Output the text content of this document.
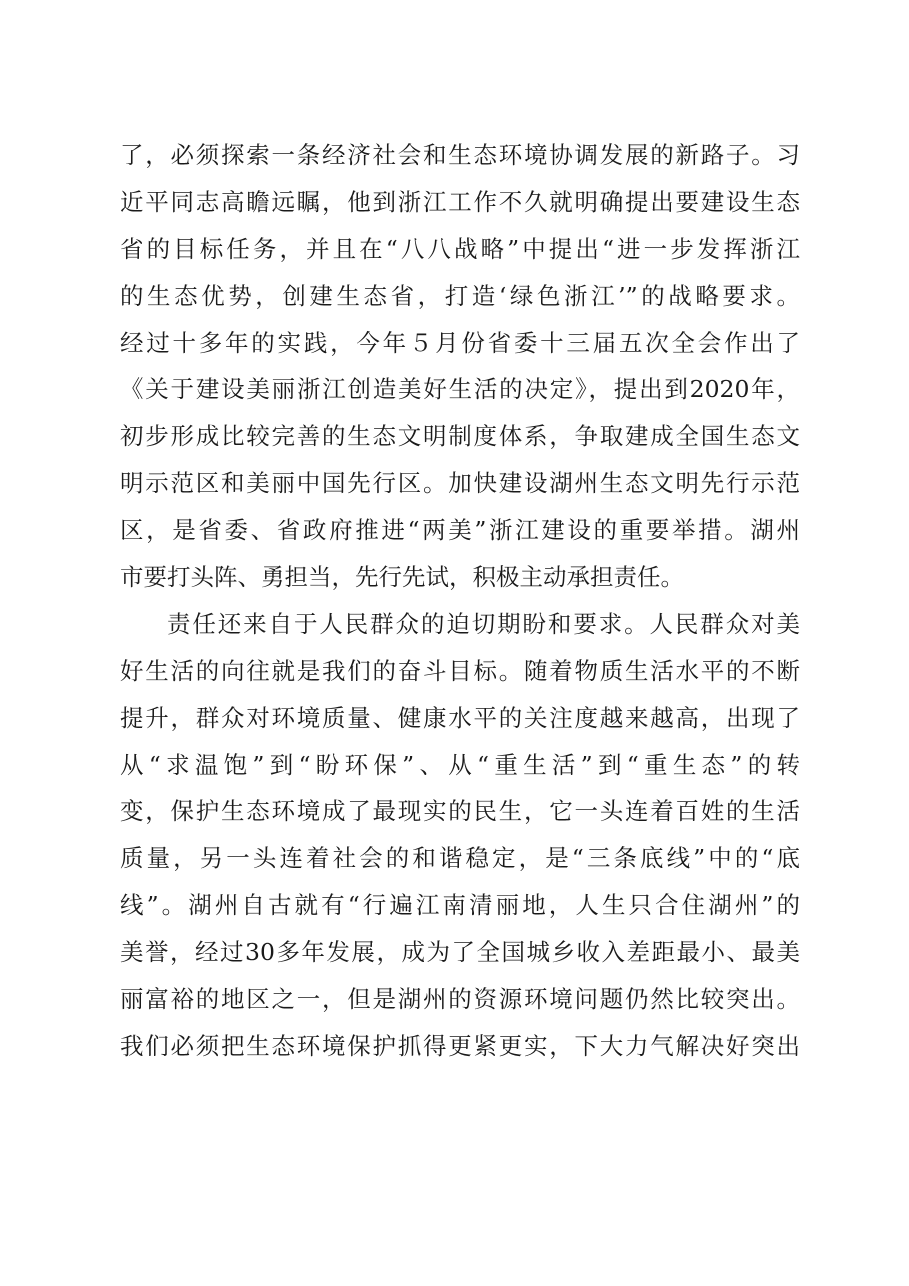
了，必须探索一条经济社会和生态环境协调发展的新路子。习
近平同志高瞻远瞩，他到浙江工作不久就明确提出要建设生态
省的目标任务，并且在“八八战略”中提出“进一步发挥浙江
的生态优势，创建生态省，打造‘绿色浙江’”的战略要求。
经过十多年的实践，今年５月份省委十三届五次全会作出了
《关于建设美丽浙江创造美好生活的决定》，提出到2020年，
初步形成比较完善的生态文明制度体系，争取建成全国生态文
明示范区和美丽中国先行区。加快建设湖州生态文明先行示范
区，是省委、省政府推进“两美”浙江建设的重要举措。湖州
市要打头阵、勇担当，先行先试，积极主动承担责任。
责任还来自于人民群众的迫切期盼和要求。人民群众对美
好生活的向往就是我们的奋斗目标。随着物质生活水平的不断
提升，群众对环境质量、健康水平的关注度越来越高，出现了
从“求温饱”到“盼环保”、从“重生活”到“重生态”的转
变，保护生态环境成了最现实的民生，它一头连着百姓的生活
质量，另一头连着社会的和谐稳定，是“三条底线”中的“底
线”。湖州自古就有“行遍江南清丽地，人生只合住湖州”的
美誉，经过30多年发展，成为了全国城乡收入差距最小、最美
丽富裕的地区之一，但是湖州的资源环境问题仍然比较突出。
我们必须把生态环境保护抓得更紧更实，下大力气解决好突出
